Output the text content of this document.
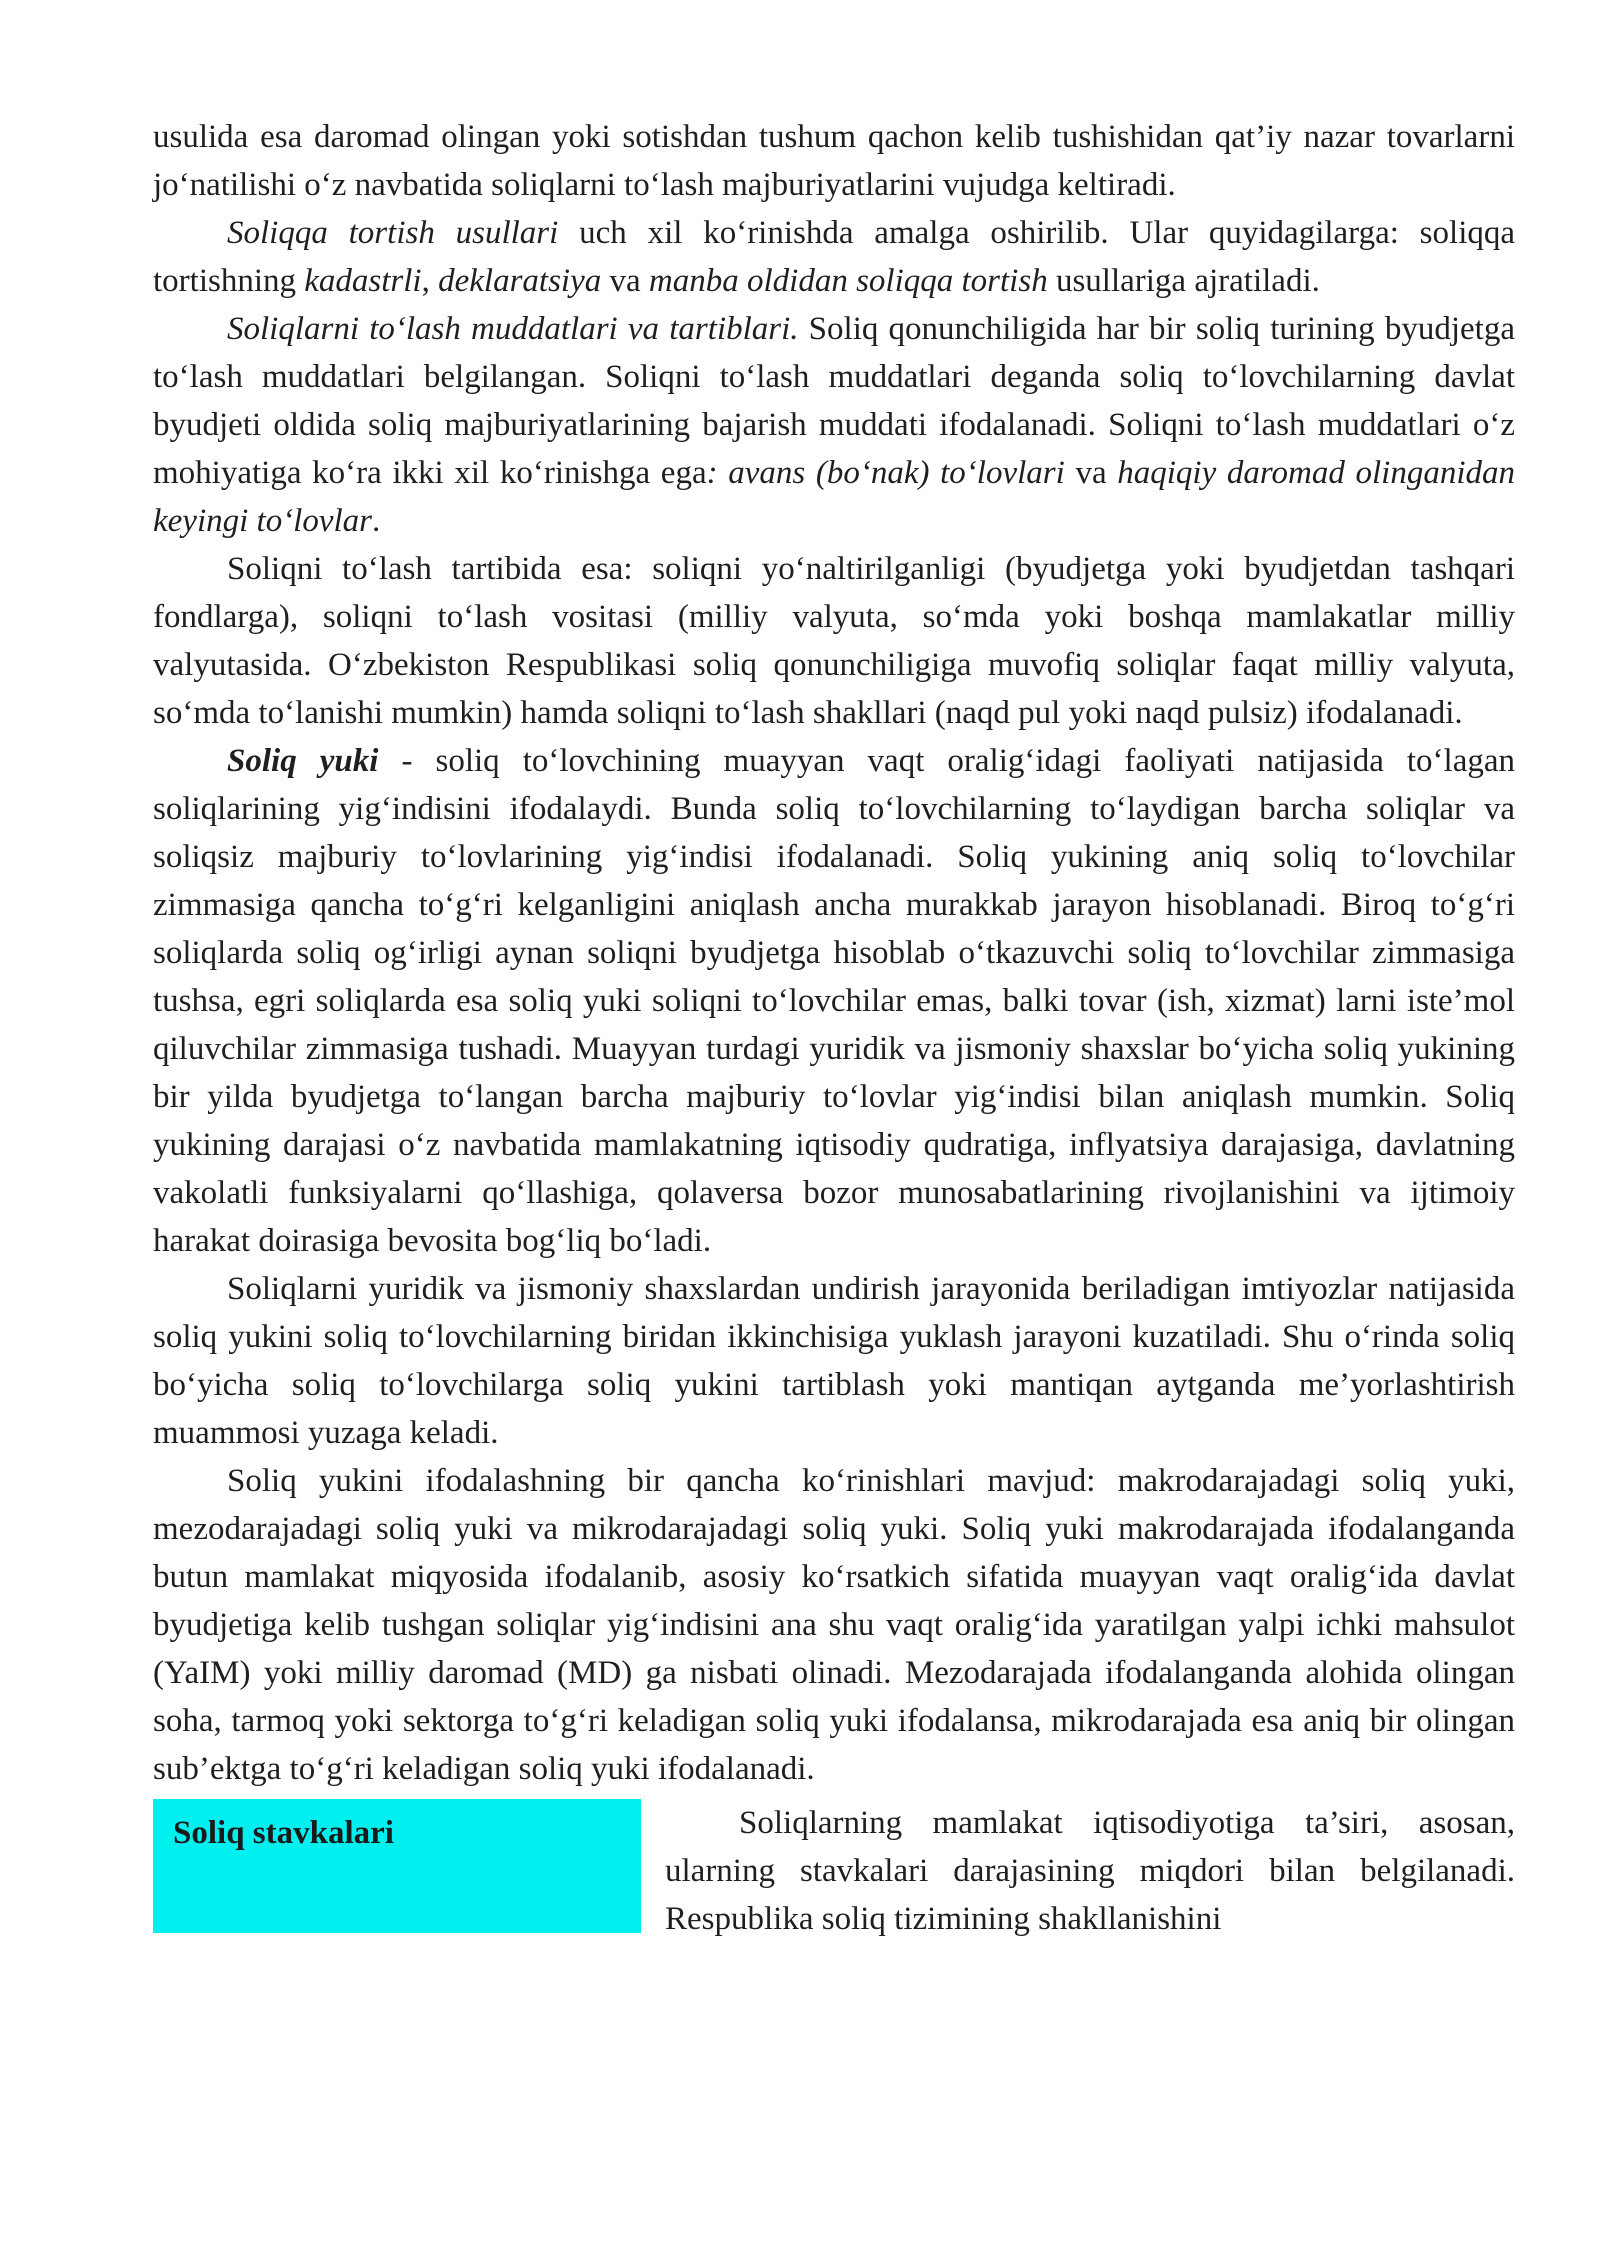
usulida esa daromad olingan yoki sotishdan tushum qachon kelib tushishidan qat’iy nazar tovarlarni jo‘natilishi o‘z navbatida soliqlarni to‘lash majburiyatlarini vujudga keltiradi.

Soliqqa tortish usullari uch xil ko‘rinishda amalga oshirilib. Ular quyidagilarga: soliqqa tortishning kadastrli, deklaratsiya va manba oldidan soliqqa tortish usullariga ajratiladi.

Soliqlarni to‘lash muddatlari va tartiblari. Soliq qonunchiligida har bir soliq turining byudjetga to‘lash muddatlari belgilangan. Soliqni to‘lash muddatlari deganda soliq to‘lovchilarning davlat byudjeti oldida soliq majburiyatlarining bajarish muddati ifodalanadi. Soliqni to‘lash muddatlari o‘z mohiyatiga ko‘ra ikki xil ko‘rinishga ega: avans (bo‘nak) to‘lovlari va haqiqiy daromad olinganidan keyingi to‘lovlar.

Soliqni to‘lash tartibida esa: soliqni yo‘naltirilganligi (byudjetga yoki byudjetdan tashqari fondlarga), soliqni to‘lash vositasi (milliy valyuta, so‘mda yoki boshqa mamlakatlar milliy valyutasida. O‘zbekiston Respublikasi soliq qonunchiligiga muvofiq soliqlar faqat milliy valyuta, so‘mda to‘lanishi mumkin) hamda soliqni to‘lash shakllari (naqd pul yoki naqd pulsiz) ifodalanadi.

Soliq yuki - soliq to‘lovchining muayyan vaqt oralig‘idagi faoliyati natijasida to‘lagan soliqlarining yig‘indisini ifodalaydi. Bunda soliq to‘lovchilarning to‘laydigan barcha soliqlar va soliqsiz majburiy to‘lovlarining yig‘indisi ifodalanadi. Soliq yukining aniq soliq to‘lovchilar zimmasiga qancha to‘g‘ri kelganligini aniqlash ancha murakkab jarayon hisoblanadi. Biroq to‘g‘ri soliqlarda soliq og‘irligi aynan soliqni byudjetga hisoblab o‘tkazuvchi soliq to‘lovchilar zimmasiga tushsa, egri soliqlarda esa soliq yuki soliqni to‘lovchilar emas, balki tovar (ish, xizmat) larni iste’mol qiluvchilar zimmasiga tushadi. Muayyan turdagi yuridik va jismoniy shaxslar bo‘yicha soliq yukining bir yilda byudjetga to‘langan barcha majburiy to‘lovlar yig‘indisi bilan aniqlash mumkin. Soliq yukining darajasi o‘z navbatida mamlakatning iqtisodiy qudratiga, inflyatsiya darajasiga, davlatning vakolatli funksiyalarni qo‘llashiga, qolaversa bozor munosabatlarining rivojlanishini va ijtimoiy harakat doirasiga bevosita bog‘liq bo‘ladi.

Soliqlarni yuridik va jismoniy shaxslardan undirish jarayonida beriladigan imtiyozlar natijasida soliq yukini soliq to‘lovchilarning biridan ikkinchisiga yuklash jarayoni kuzatiladi. Shu o‘rinda soliq bo‘yicha soliq to‘lovchilarga soliq yukini tartiblash yoki mantiqan aytganda me’yorlashtirish muammosi yuzaga keladi.

Soliq yukini ifodalashning bir qancha ko‘rinishlari mavjud: makrodarajadagi soliq yuki, mezodarajadagi soliq yuki va mikrodarajadagi soliq yuki. Soliq yuki makrodarajada ifodalanganda butun mamlakat miqyosida ifodalanib, asosiy ko‘rsatkich sifatida muayyan vaqt oralig‘ida davlat byudjetiga kelib tushgan soliqlar yig‘indisini ana shu vaqt oralig‘ida yaratilgan yalpi ichki mahsulot (YaIM) yoki milliy daromad (MD) ga nisbati olinadi. Mezodarajada ifodalanganda alohida olingan soha, tarmoq yoki sektorga to‘g‘ri keladigan soliq yuki ifodalansa, mikrodarajada esa aniq bir olingan sub’ektga to‘g‘ri keladigan soliq yuki ifodalanadi.

Soliq stavkalari	Soliqlarning mamlakat iqtisodiyotiga ta’siri, asosan, ularning stavkalari darajasining miqdori bilan belgilanadi. Respublika soliq tizimining shakllanishini
